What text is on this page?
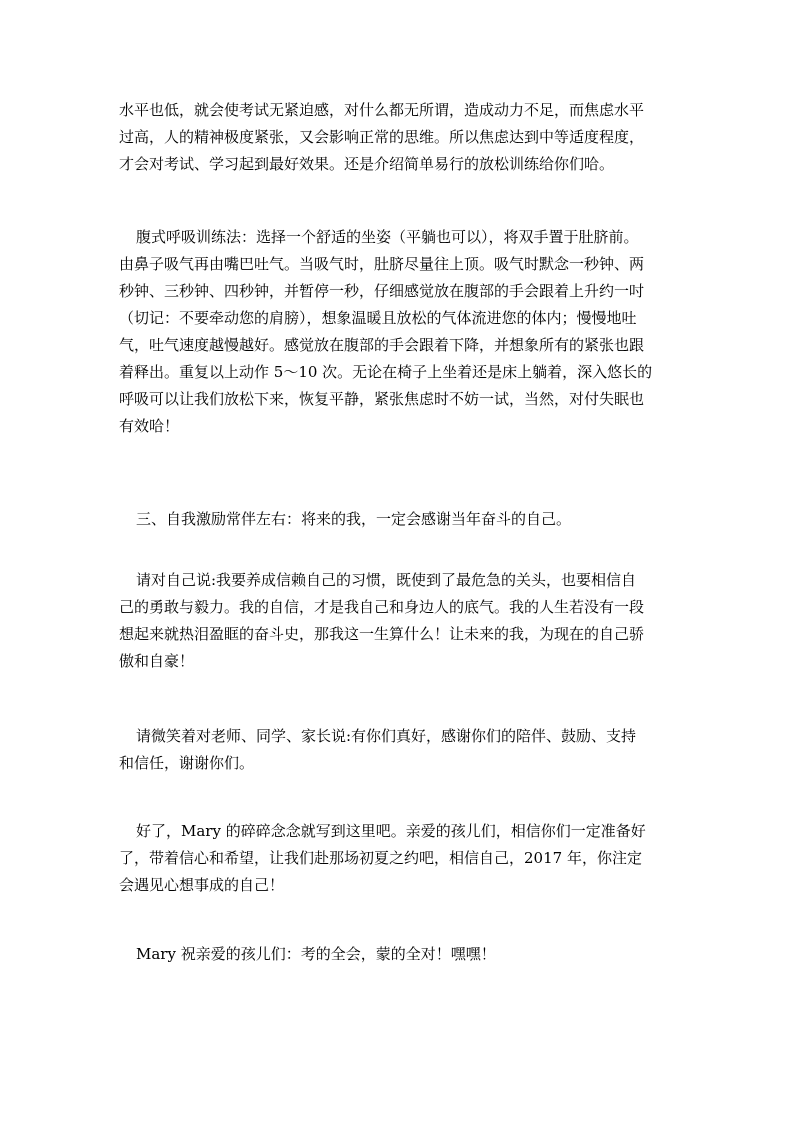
水平也低，就会使考试无紧迫感，对什么都无所谓，造成动力不足，而焦虑水平
过高，人的精神极度紧张，又会影响正常的思维。所以焦虑达到中等适度程度，
才会对考试、学习起到最好效果。还是介绍简单易行的放松训练给你们哈。
腹式呼吸训练法：选择一个舒适的坐姿（平躺也可以），将双手置于肚脐前。
由鼻子吸气再由嘴巴吐气。当吸气时，肚脐尽量往上顶。吸气时默念一秒钟、两
秒钟、三秒钟、四秒钟，并暂停一秒，仔细感觉放在腹部的手会跟着上升约一吋
（切记：不要牵动您的肩膀），想象温暖且放松的气体流进您的体内；慢慢地吐
气，吐气速度越慢越好。感觉放在腹部的手会跟着下降，并想象所有的紧张也跟
着释出。重复以上动作 5～10 次。无论在椅子上坐着还是床上躺着，深入悠长的
呼吸可以让我们放松下来，恢复平静，紧张焦虑时不妨一试，当然，对付失眠也
有效哈！
三、自我激励常伴左右：将来的我，一定会感谢当年奋斗的自己。
请对自己说:我要养成信赖自己的习惯，既使到了最危急的关头，也要相信自
己的勇敢与毅力。我的自信，才是我自己和身边人的底气。我的人生若没有一段
想起来就热泪盈眶的奋斗史，那我这一生算什么！让未来的我，为现在的自己骄
傲和自豪！
请微笑着对老师、同学、家长说:有你们真好，感谢你们的陪伴、鼓励、支持
和信任，谢谢你们。
好了，Mary 的碎碎念念就写到这里吧。亲爱的孩儿们，相信你们一定准备好
了，带着信心和希望，让我们赴那场初夏之约吧，相信自己，2017 年，你注定
会遇见心想事成的自己！
Mary 祝亲爱的孩儿们：考的全会，蒙的全对！嘿嘿！
